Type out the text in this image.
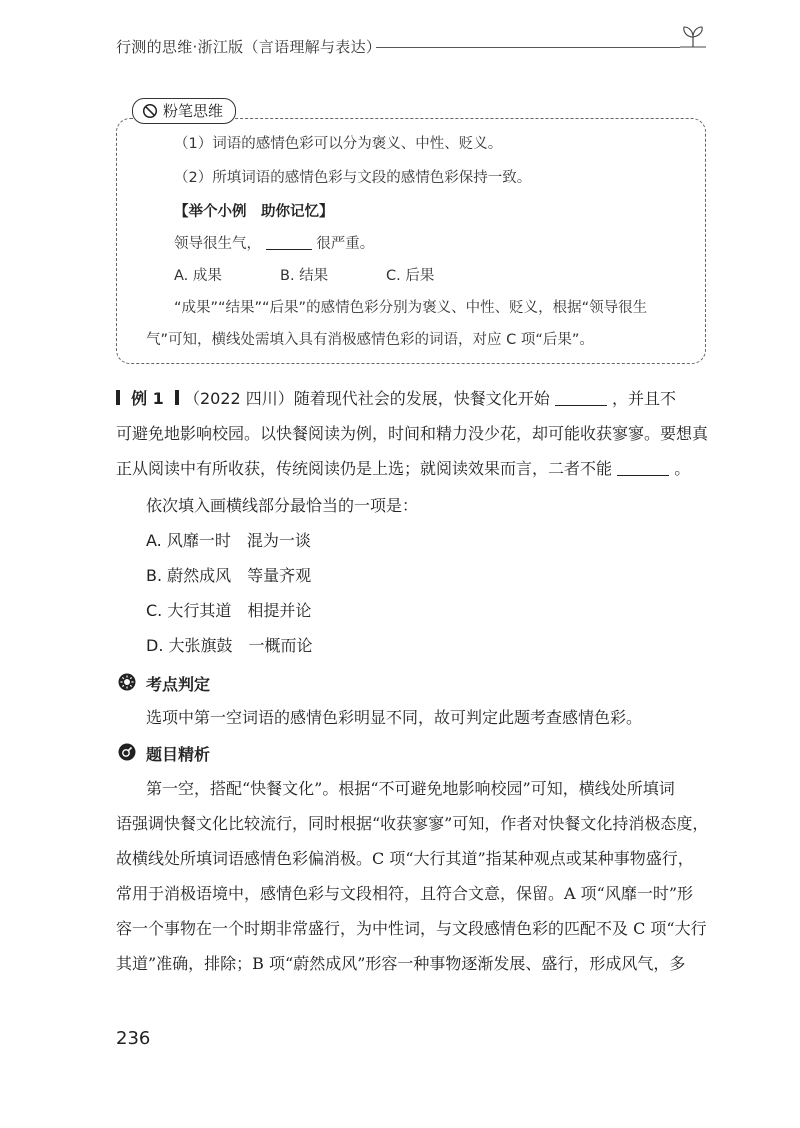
行测的思维·浙江版（言语理解与表达）
粉笔思维
（1）词语的感情色彩可以分为褒义、中性、贬义。
（2）所填词语的感情色彩与文段的感情色彩保持一致。
【举个小例　助你记忆】
领导很生气，	很严重。
A. 成果	B. 结果	C. 后果
“成果”“结果”“后果”的感情色彩分别为褒义、中性、贬义，根据“领导很生
气”可知，横线处需填入具有消极感情色彩的词语，对应 C 项“后果”。
例 1 （2022 四川）随着现代社会的发展，快餐文化开始	，并且不
可避免地影响校园。以快餐阅读为例，时间和精力没少花，却可能收获寥寥。要想真
正从阅读中有所收获，传统阅读仍是上选；就阅读效果而言，二者不能	。
依次填入画横线部分最恰当的一项是：
A. 风靡一时　混为一谈
B. 蔚然成风　等量齐观
C. 大行其道　相提并论
D. 大张旗鼓　一概而论
考点判定
选项中第一空词语的感情色彩明显不同，故可判定此题考查感情色彩。
题目精析
第一空，搭配“快餐文化”。根据“不可避免地影响校园”可知，横线处所填词
语强调快餐文化比较流行，同时根据“收获寥寥”可知，作者对快餐文化持消极态度，
故横线处所填词语感情色彩偏消极。C 项“大行其道”指某种观点或某种事物盛行，
常用于消极语境中，感情色彩与文段相符，且符合文意，保留。A 项“风靡一时”形
容一个事物在一个时期非常盛行，为中性词，与文段感情色彩的匹配不及 C 项“大行
其道”准确，排除；B 项“蔚然成风”形容一种事物逐渐发展、盛行，形成风气，多
236
